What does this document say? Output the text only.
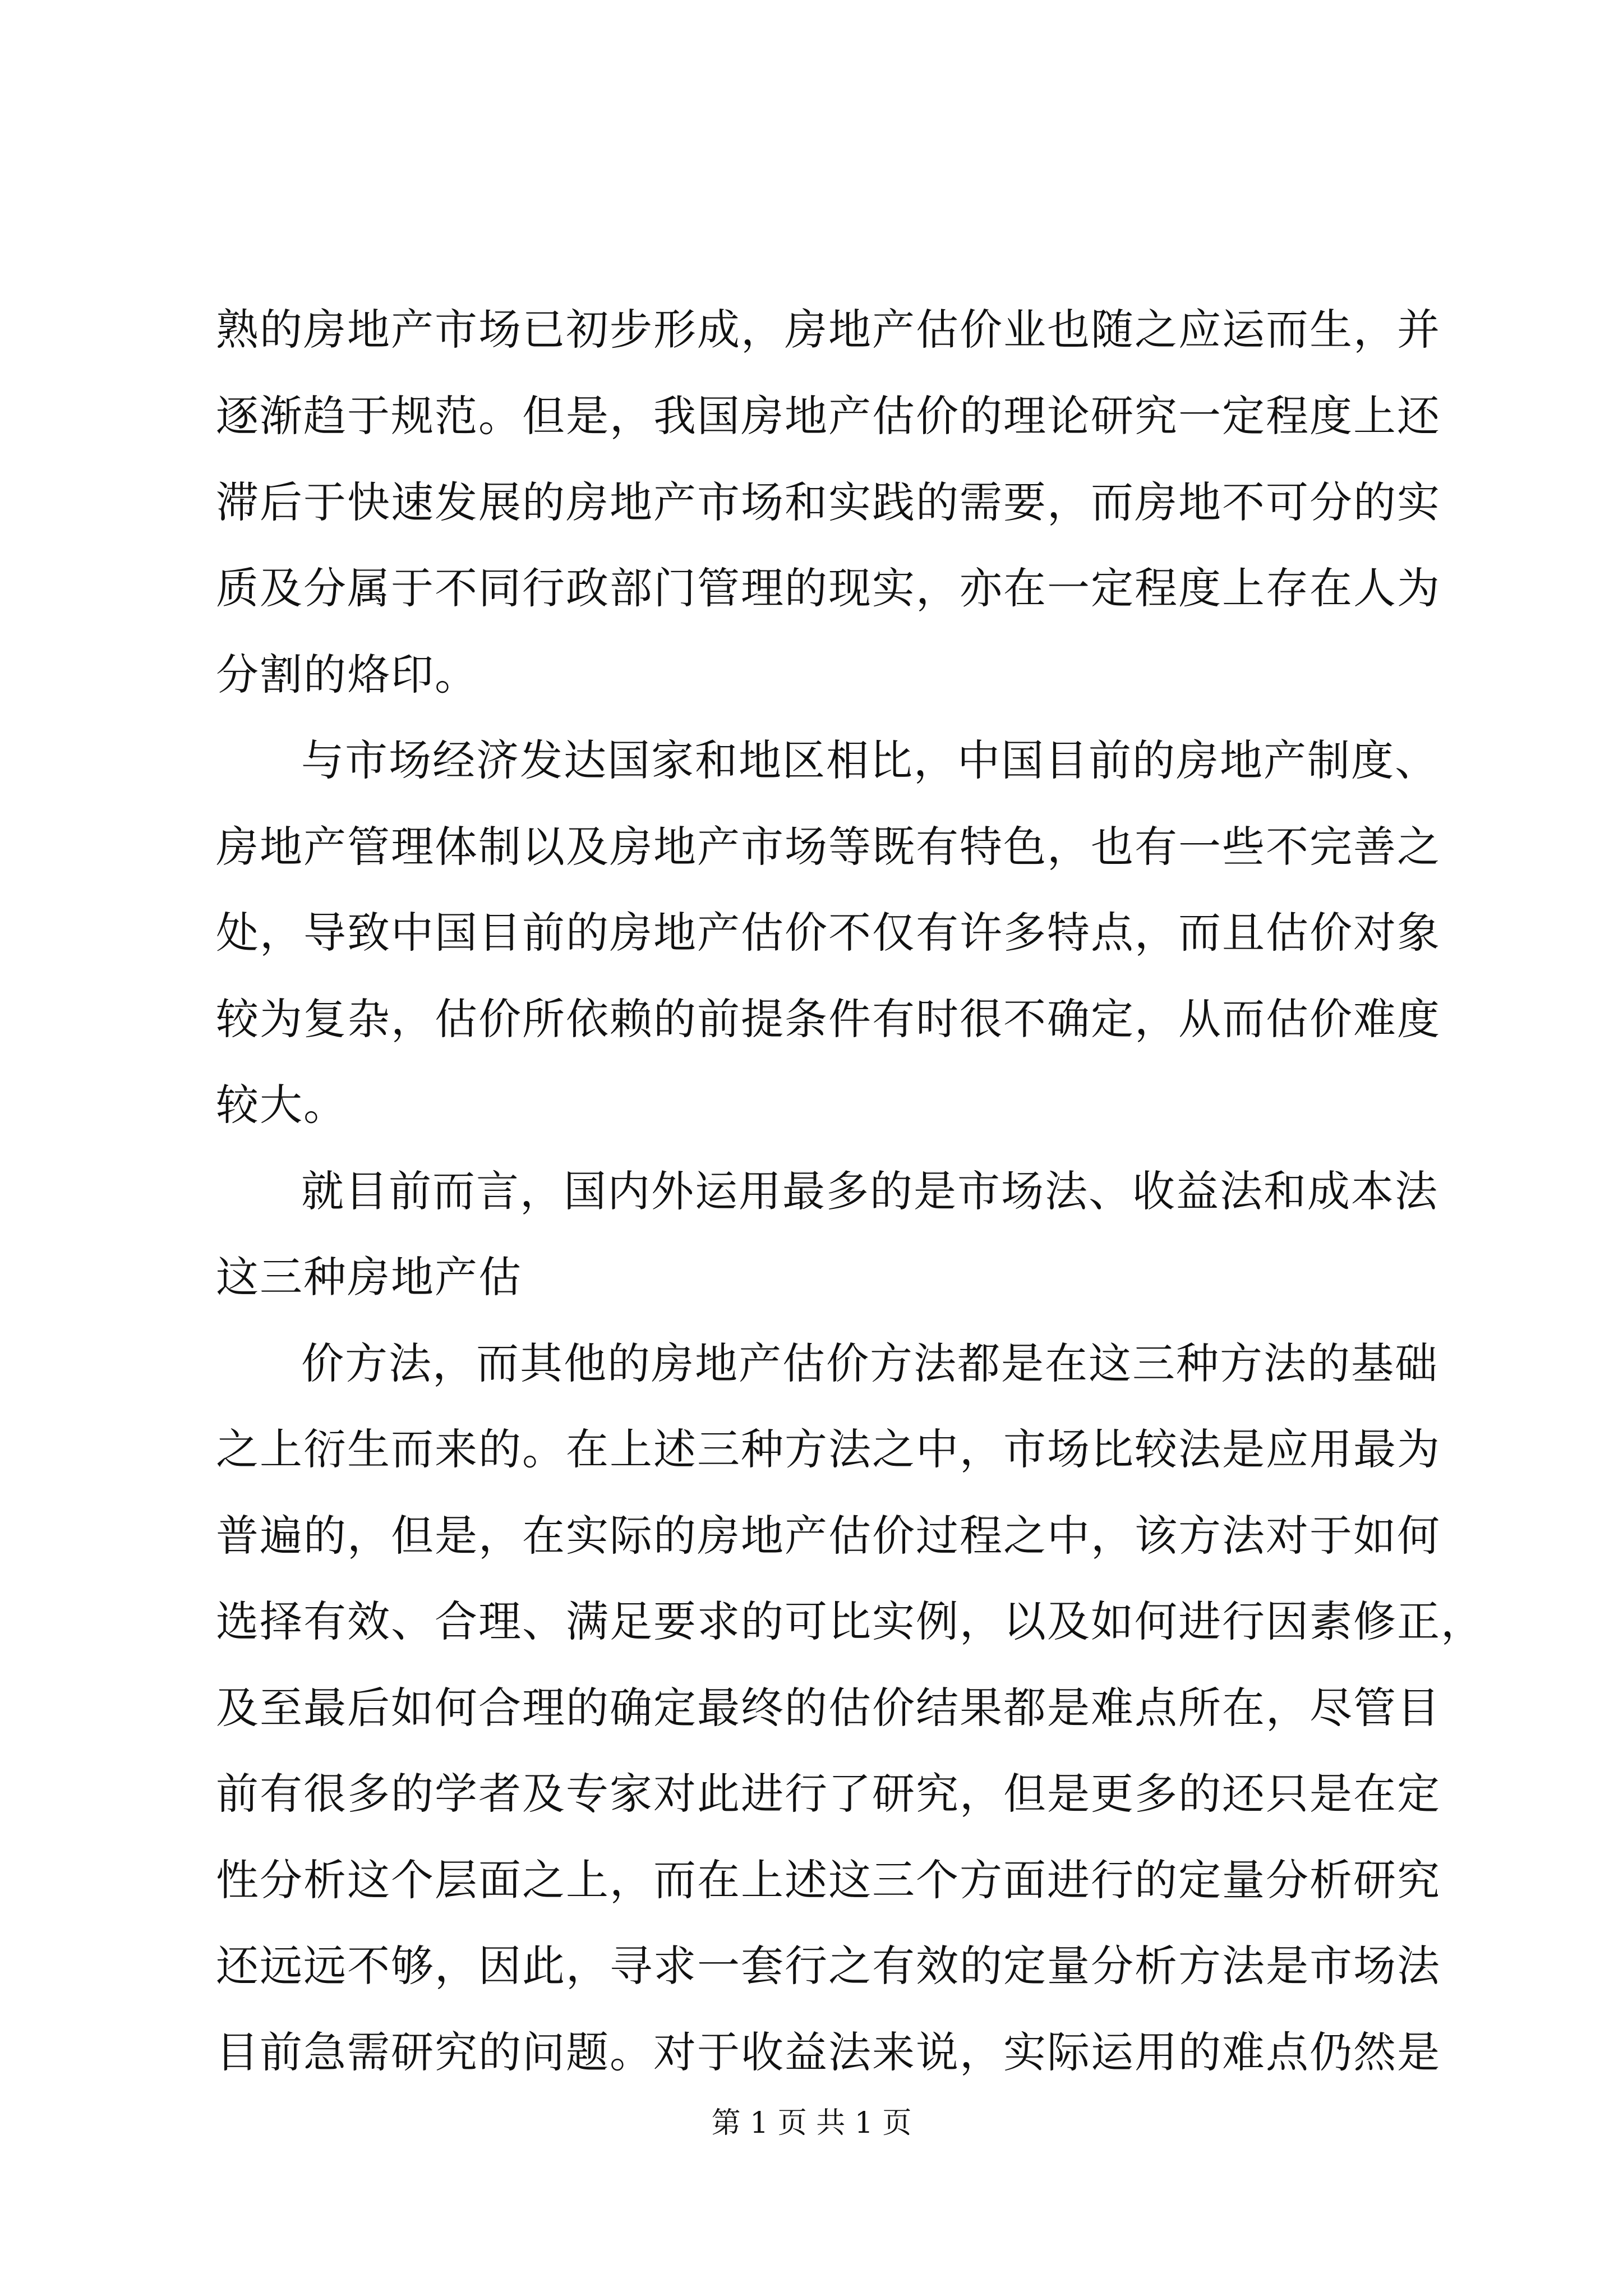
熟的房地产市场已初步形成，房地产估价业也随之应运而生，并
逐渐趋于规范。但是，我国房地产估价的理论研究一定程度上还
滞后于快速发展的房地产市场和实践的需要，而房地不可分的实
质及分属于不同行政部门管理的现实，亦在一定程度上存在人为
分割的烙印。
与市场经济发达国家和地区相比，中国目前的房地产制度、
房地产管理体制以及房地产市场等既有特色，也有一些不完善之
处，导致中国目前的房地产估价不仅有许多特点，而且估价对象
较为复杂，估价所依赖的前提条件有时很不确定，从而估价难度
较大。
就目前而言，国内外运用最多的是市场法、收益法和成本法
这三种房地产估
价方法，而其他的房地产估价方法都是在这三种方法的基础
之上衍生而来的。在上述三种方法之中，市场比较法是应用最为
普遍的，但是，在实际的房地产估价过程之中，该方法对于如何
选择有效、合理、满足要求的可比实例，以及如何进行因素修正，
及至最后如何合理的确定最终的估价结果都是难点所在，尽管目
前有很多的学者及专家对此进行了研究，但是更多的还只是在定
性分析这个层面之上，而在上述这三个方面进行的定量分析研究
还远远不够，因此，寻求一套行之有效的定量分析方法是市场法
目前急需研究的问题。对于收益法来说，实际运用的难点仍然是
第 1 页 共 1 页
